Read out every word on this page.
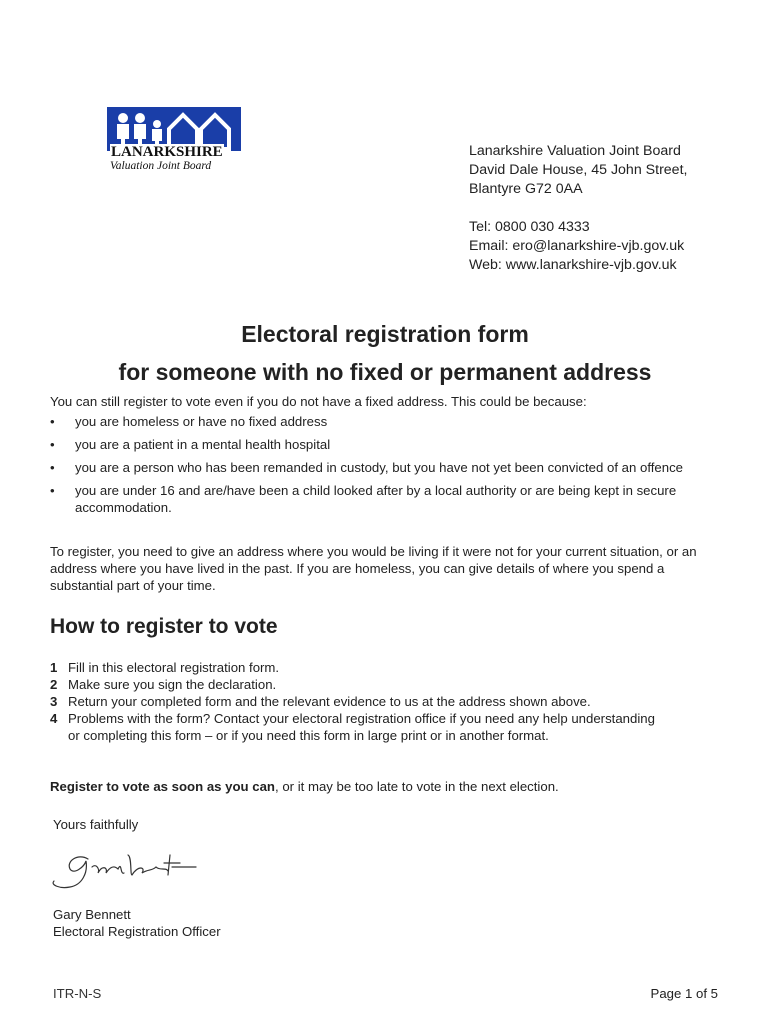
LANARKSHIRE
Valuation Joint Board
Lanarkshire Valuation Joint Board
David Dale House, 45 John Street,
Blantyre G72 0AA
Tel: 0800 030 4333
Email: ero@lanarkshire-vjb.gov.uk
Web: www.lanarkshire-vjb.gov.uk
Electoral registration form
for someone with no fixed or permanent address

You can still register to vote even if you do not have a fixed address. This could be because:

• you are homeless or have no fixed address
• you are a patient in a mental health hospital
• you are a person who has been remanded in custody, but you have not yet been convicted of an offence
• you are under 16 and are/have been a child looked after by a local authority or are being kept in secure accommodation.

To register, you need to give an address where you would be living if it were not for your current situation, or an address where you have lived in the past. If you are homeless, you can give details of where you spend a substantial part of your time.

How to register to vote
1 Fill in this electoral registration form.
2 Make sure you sign the declaration.
3 Return your completed form and the relevant evidence to us at the address shown above.
4 Problems with the form? Contact your electoral registration office if you need any help understanding or completing this form – or if you need this form in large print or in another format.
Register to vote as soon as you can, or it may be too late to vote in the next election.
Yours faithfully
Gary Bennett
Electoral Registration Officer
ITR-N-S	Page 1 of 5
